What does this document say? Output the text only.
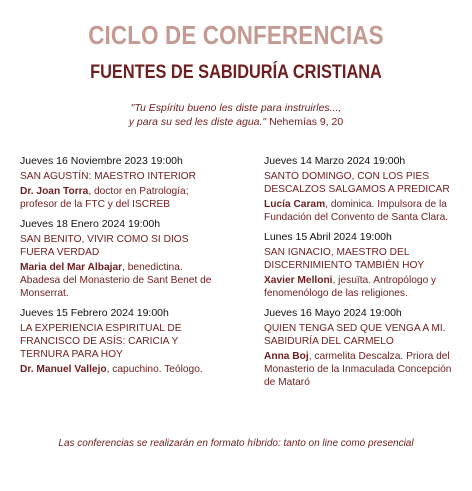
CICLO DE CONFERENCIAS
FUENTES DE SABIDURÍA CRISTIANA
"Tu Espíritu bueno les diste para instruirles...,
y para su sed les diste agua." Nehemías 9, 20
Jueves 16 Noviembre 2023 19:00h
SAN AGUSTÍN: MAESTRO INTERIOR
Dr. Joan Torra, doctor en Patrología; profesor de la FTC y del ISCREB
Jueves 18 Enero 2024 19:00h
SAN BENITO, VIVIR COMO SI DIOS FUERA VERDAD
Maria del Mar Albajar, benedictina. Abadesa del Monasterio de Sant Benet de Monserrat.
Jueves 15 Febrero 2024 19:00h
LA EXPERIENCIA ESPIRITUAL DE FRANCISCO DE ASÍS: CARICIA Y TERNURA PARA HOY
Dr. Manuel Vallejo, capuchino. Teólogo.
Jueves 14 Marzo 2024 19:00h
SANTO DOMINGO, CON LOS PIES DESCALZOS SALGAMOS A PREDICAR
Lucía Caram, dominica. Impulsora de la Fundación del Convento de Santa Clara.
Lunes 15 Abril 2024 19:00h
SAN IGNACIO, MAESTRO DEL DISCERNIMIENTO TAMBIÉN HOY
Xavier Melloni, jesuïta. Antropólogo y fenomenólogo de las religiones.
Jueves 16 Mayo 2024 19:00h
QUIEN TENGA SED QUE VENGA A MI. SABIDURÍA DEL CARMELO
Anna Boj, carmelita Descalza. Priora del Monasterio de la Inmaculada Concepción de Mataró
Las conferencias se realizarán en formato híbrido: tanto on line como presencial
